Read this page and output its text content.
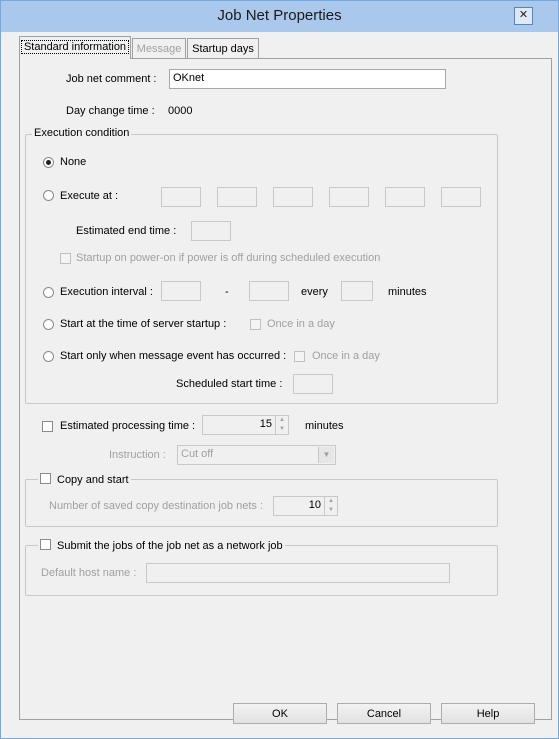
Job Net Properties	✕
Standard information Message Startup days
Job net comment :	OKnet
Day change time : 0000
Execution condition
None
Execute at :
Estimated end time :
Startup on power-on if power is off during scheduled execution
Execution interval :	-	every	minutes
Start at the time of server startup :	Once in a day
Start only when message event has occurred : Once in a day
Scheduled start time :
Estimated processing time :	15	▲
▼ minutes
Instruction :	Cut off	▼
Copy and start
Number of saved copy destination job nets :	10	▲
▼
Submit the jobs of the job net as a network job
Default host name :
OK	Cancel	Help
